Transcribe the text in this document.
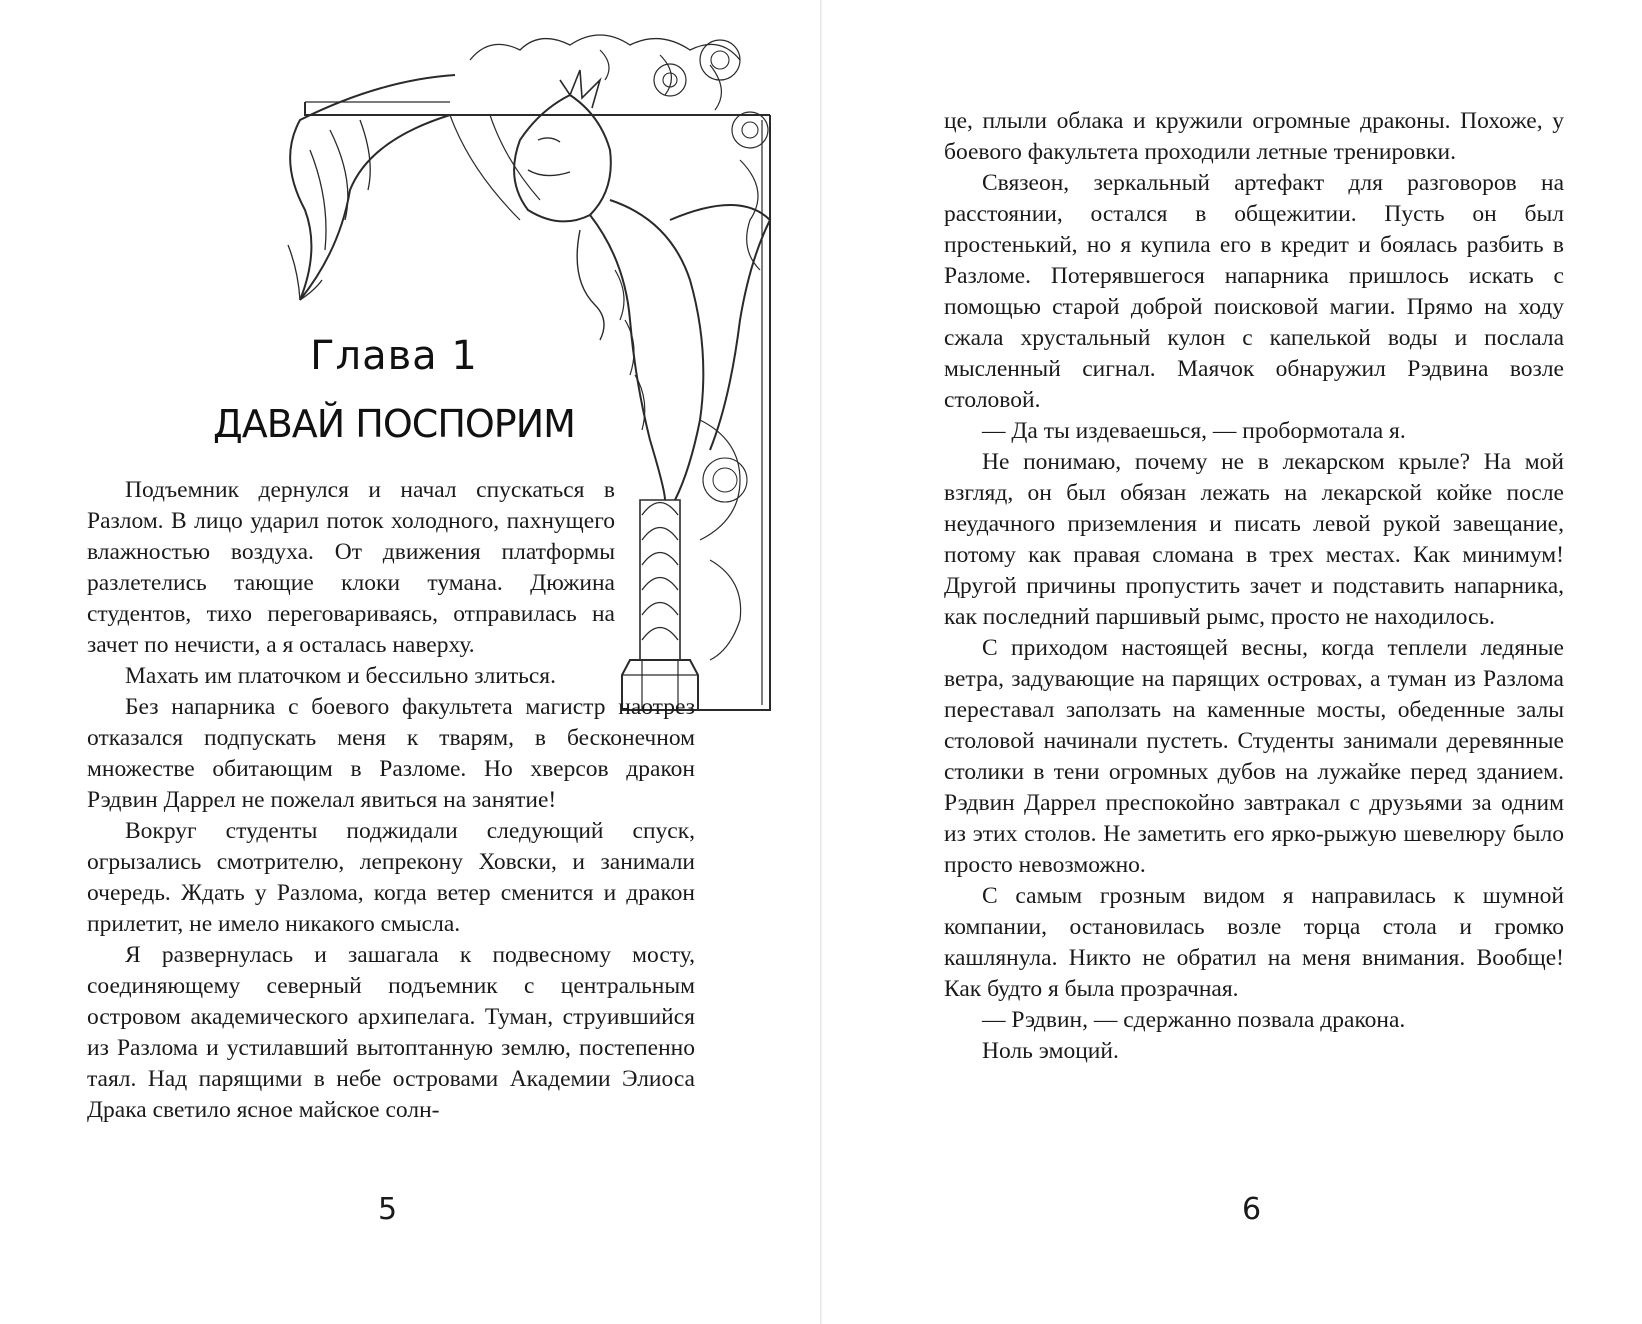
Глава 1
ДАВАЙ ПОСПОРИМ

Подъемник дернулся и начал спускаться в Разлом. В лицо ударил поток холодного, пахнущего влажностью воздуха. От движения платформы разлетелись тающие клоки тумана. Дюжина студентов, тихо переговариваясь, отправилась на зачет по нечисти, а я осталась наверху.

Махать им платочком и бессильно злиться.

Без напарника с боевого факультета магистр наотрез отказался подпускать меня к тварям, в бесконечном множестве обитающим в Разломе. Но хверсов дракон Рэдвин Даррел не пожелал явиться на занятие!

Вокруг студенты поджидали следующий спуск, огрызались смотрителю, лепрекону Ховски, и занимали очередь. Ждать у Разлома, когда ветер сменится и дракон прилетит, не имело никакого смысла.

Я развернулась и зашагала к подвесному мосту, соединяющему северный подъемник с центральным островом академического архипелага. Туман, струившийся из Разлома и устилавший вытоптанную землю, постепенно таял. Над парящими в небе островами Академии Элиоса Драка светило ясное майское солн-

5

це, плыли облака и кружили огромные драконы. Похоже, у боевого факультета проходили летные тренировки.

Связеон, зеркальный артефакт для разговоров на расстоянии, остался в общежитии. Пусть он был простенький, но я купила его в кредит и боялась разбить в Разломе. Потерявшегося напарника пришлось искать с помощью старой доброй поисковой магии. Прямо на ходу сжала хрустальный кулон с капелькой воды и послала мысленный сигнал. Маячок обнаружил Рэдвина возле столовой.

— Да ты издеваешься, — пробормотала я.

Не понимаю, почему не в лекарском крыле? На мой взгляд, он был обязан лежать на лекарской койке после неудачного приземления и писать левой рукой завещание, потому как правая сломана в трех местах. Как минимум! Другой причины пропустить зачет и подставить напарника, как последний паршивый рымс, просто не находилось.

С приходом настоящей весны, когда теплели ледяные ветра, задувающие на парящих островах, а туман из Разлома переставал заползать на каменные мосты, обеденные залы столовой начинали пустеть. Студенты занимали деревянные столики в тени огромных дубов на лужайке перед зданием. Рэдвин Даррел преспокойно завтракал с друзьями за одним из этих столов. Не заметить его ярко-рыжую шевелюру было просто невозможно.

С самым грозным видом я направилась к шумной компании, остановилась возле торца стола и громко кашлянула. Никто не обратил на меня внимания. Вообще! Как будто я была прозрачная.

— Рэдвин, — сдержанно позвала дракона.

Ноль эмоций.

6
